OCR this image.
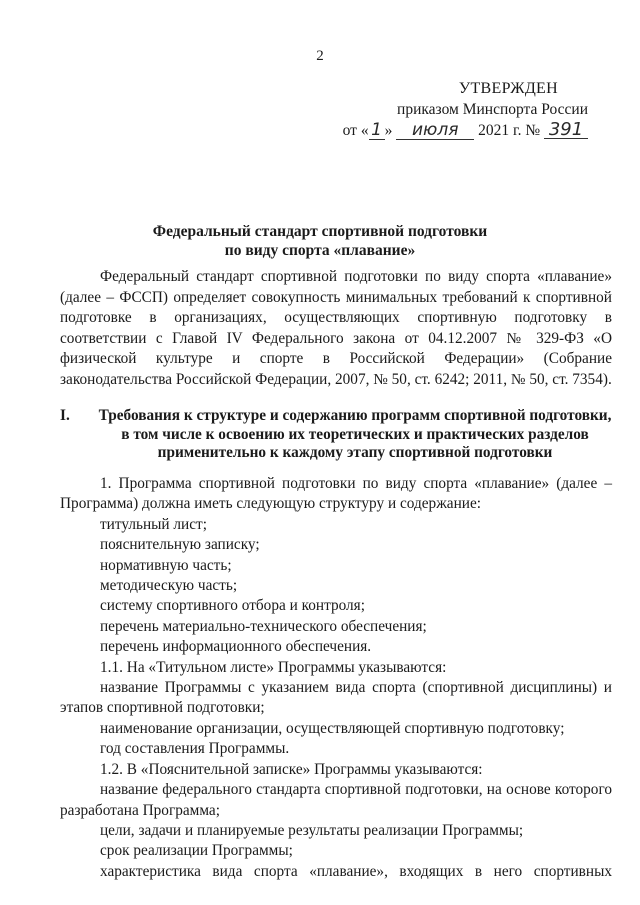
2
УТВЕРЖДЕН
приказом Минспорта России
от « 1 » июля 2021 г. № 391
Федеральный стандарт спортивной подготовки
по виду спорта «плавание»

Федеральный стандарт спортивной подготовки по виду спорта «плавание» (далее – ФССП) определяет совокупность минимальных требований к спортивной подготовке в организациях, осуществляющих спортивную подготовку в соответствии с Главой IV Федерального закона от 04.12.2007 № 329-ФЗ «О физической культуре и спорте в Российской Федерации» (Собрание законодательства Российской Федерации, 2007, № 50, ст. 6242; 2011, № 50, ст. 7354).

I. Требования к структуре и содержанию программ спортивной подготовки,
в том числе к освоению их теоретических и практических разделов
применительно к каждому этапу спортивной подготовки

1. Программа спортивной подготовки по виду спорта «плавание» (далее – Программа) должна иметь следующую структуру и содержание:

титульный лист;

пояснительную записку;

нормативную часть;

методическую часть;

систему спортивного отбора и контроля;

перечень материально-технического обеспечения;

перечень информационного обеспечения.

1.1. На «Титульном листе» Программы указываются:

название Программы с указанием вида спорта (спортивной дисциплины) и этапов спортивной подготовки;

наименование организации, осуществляющей спортивную подготовку;

год составления Программы.

1.2. В «Пояснительной записке» Программы указываются:

название федерального стандарта спортивной подготовки, на основе которого разработана Программа;

цели, задачи и планируемые результаты реализации Программы;

срок реализации Программы;

характеристика вида спорта «плавание», входящих в него спортивных
